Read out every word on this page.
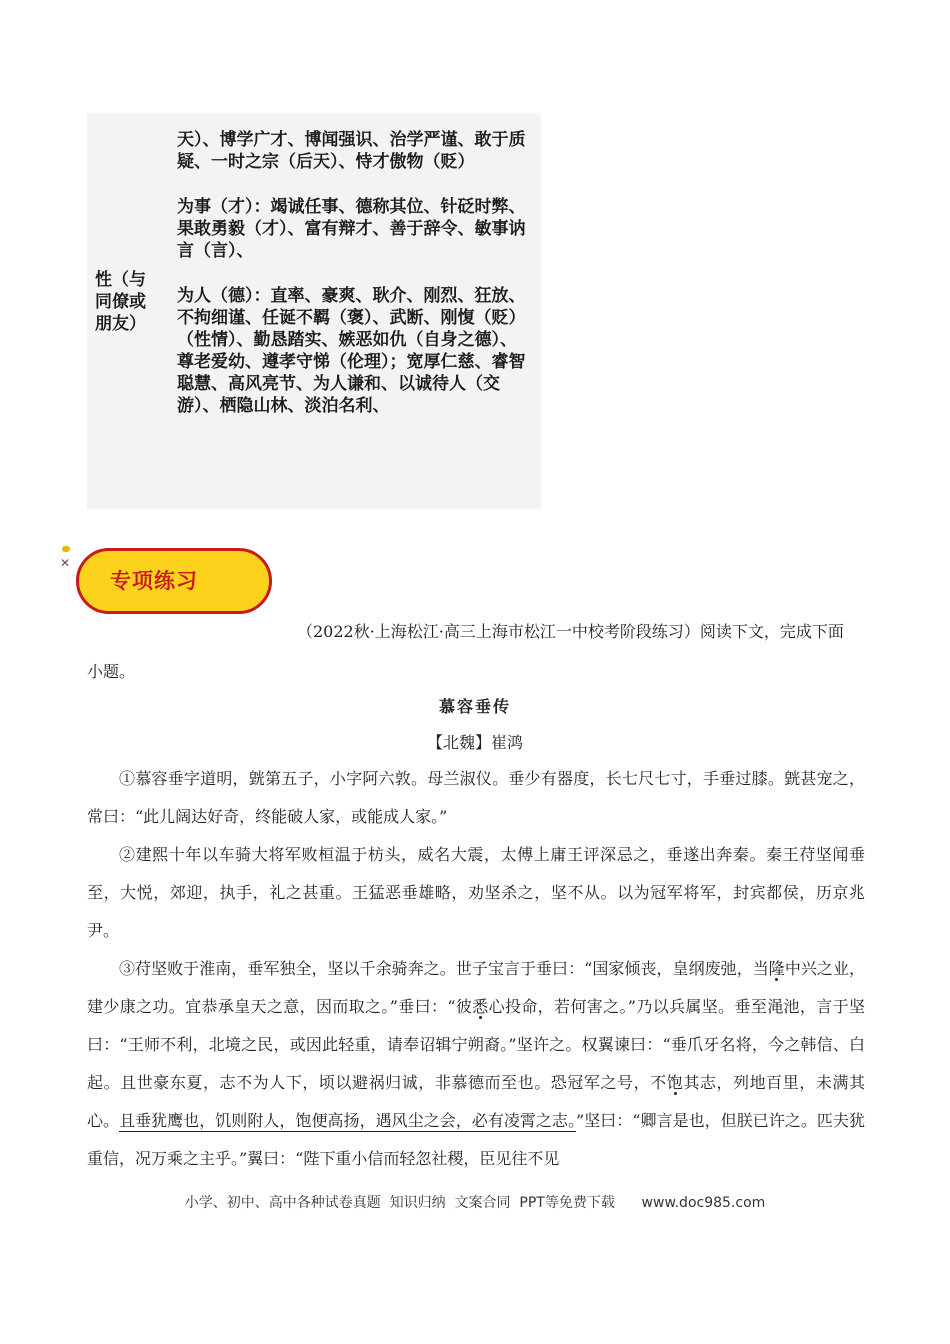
性（与同僚或朋友）

天）、博学广才、博闻强识、治学严谨、敢于质疑、一时之宗（后天）、恃才傲物（贬）

为事（才）：竭诚任事、德称其位、针砭时弊、果敢勇毅（才）、富有辩才、善于辞令、敏事讷言（言）、

为人（德）：直率、豪爽、耿介、刚烈、狂放、不拘细谨、任诞不羁（褒）、武断、刚愎（贬）（性情）、勤恳踏实、嫉恶如仇（自身之德）、尊老爱幼、遵孝守悌（伦理）；宽厚仁慈、睿智聪慧、高风亮节、为人谦和、以诚待人（交游）、栖隐山林、淡泊名利、

✕
专项练习
（2022秋·上海松江·高三上海市松江一中校考阶段练习）阅读下文，完成下面
小题。
慕容垂传
【北魏】崔鸿

①慕容垂字道明，皝第五子，小字阿六敦。母兰淑仪。垂少有器度，长七尺七寸，手垂过膝。皝甚宠之，常曰：“此儿阔达好奇，终能破人家，或能成人家。”

②建熙十年以车骑大将军败桓温于枋头，威名大震，太傅上庸王评深忌之，垂遂出奔秦。秦王苻坚闻垂至，大悦，郊迎，执手，礼之甚重。王猛恶垂雄略，劝坚杀之，坚不从。以为冠军将军，封宾都侯，历京兆尹。

③苻坚败于淮南，垂军独全，坚以千余骑奔之。世子宝言于垂曰：“国家倾丧，皇纲废弛，当隆中兴之业，建少康之功。宜恭承皇天之意，因而取之。”垂曰：“彼悉心投命，若何害之。”乃以兵属坚。垂至渑池，言于坚曰：“王师不利，北境之民，或因此轻重，请奉诏辑宁朔裔。”坚许之。权翼谏曰：“垂爪牙名将，今之韩信、白起。且世豪东夏，志不为人下，顷以避祸归诚，非慕德而至也。恐冠军之号，不饱其志，列地百里，未满其心。且垂犹鹰也，饥则附人，饱便高扬，遇风尘之会，必有凌霄之志。”坚曰：“卿言是也，但朕已许之。匹夫犹重信，况万乘之主乎。”翼曰：“陛下重小信而轻忽社稷，臣见往不见

小学、初中、高中各种试卷真题  知识归纳  文案合同  PPT等免费下载      www.doc985.com
